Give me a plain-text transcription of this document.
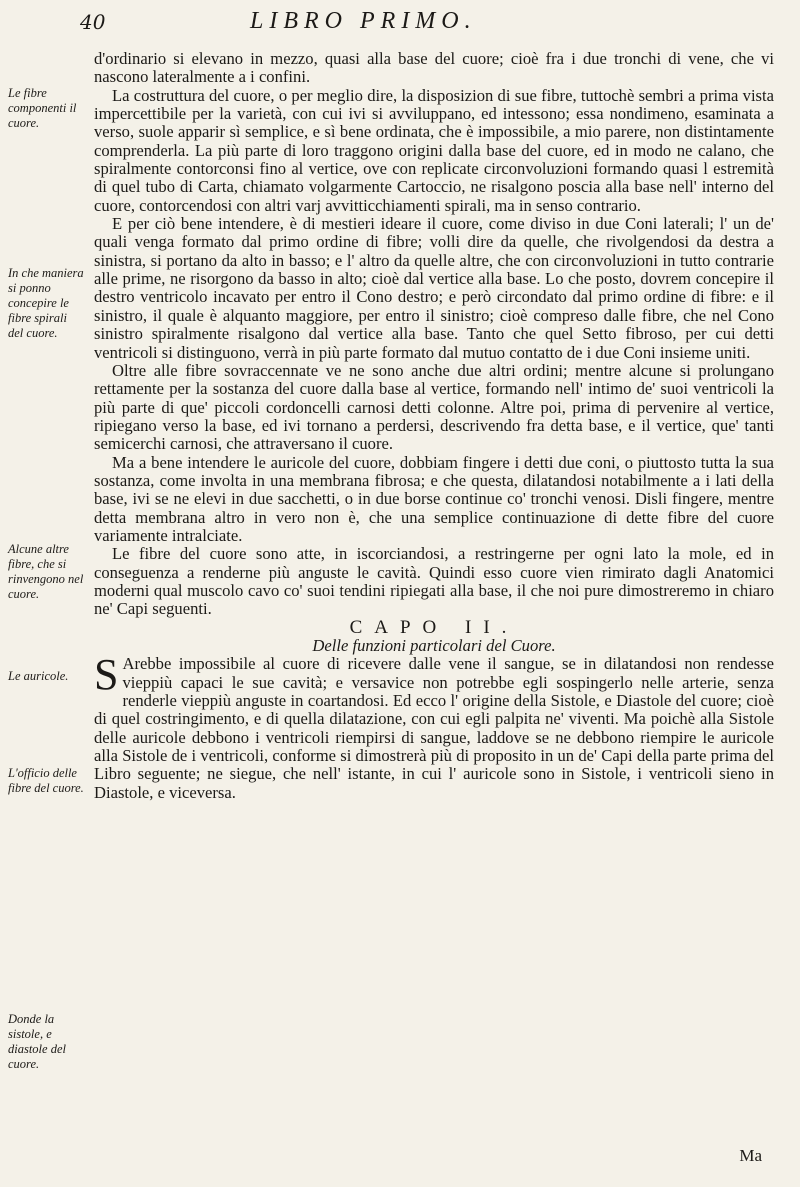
40	LIBRO PRIMO.
Le fibre componenti il cuore.
In che maniera si ponno concepire le fibre spirali del cuore.
Alcune altre fibre, che si rinvengono nel cuore.
Le auricole.
L'officio delle fibre del cuore.
Donde la sistole, e diastole del cuore.

d'ordinario si elevano in mezzo, quasi alla base del cuore; cioè fra i due tronchi di vene, che vi nascono lateralmente a i confini.

La costruttura del cuore, o per meglio dire, la disposizion di sue fibre, tuttochè sembri a prima vista impercettibile per la varietà, con cui ivi si avviluppano, ed intessono; essa nondimeno, esaminata a verso, suole apparir sì semplice, e sì bene ordinata, che è impossibile, a mio parere, non distintamente comprenderla. La più parte di loro traggono origini dalla base del cuore, ed in modo ne calano, che spiralmente contorconsi fino al vertice, ove con replicate circonvoluzioni formando quasi l estremità di quel tubo di Carta, chiamato volgarmente Cartoccio, ne risalgono poscia alla base nell' interno del cuore, contorcendosi con altri varj avvitticchiamenti spirali, ma in senso contrario.

E per ciò bene intendere, è di mestieri ideare il cuore, come diviso in due Coni laterali; l' un de' quali venga formato dal primo ordine di fibre; volli dire da quelle, che rivolgendosi da destra a sinistra, si portano da alto in basso; e l' altro da quelle altre, che con circonvoluzioni in tutto contrarie alle prime, ne risorgono da basso in alto; cioè dal vertice alla base. Lo che posto, dovrem concepire il destro ventricolo incavato per entro il Cono destro; e però circondato dal primo ordine di fibre: e il sinistro, il quale è alquanto maggiore, per entro il sinistro; cioè compreso dalle fibre, che nel Cono sinistro spiralmente risalgono dal vertice alla base. Tanto che quel Setto fibroso, per cui detti ventricoli si distinguono, verrà in più parte formato dal mutuo contatto de i due Coni insieme uniti.

Oltre alle fibre sovraccennate ve ne sono anche due altri ordini; mentre alcune si prolungano rettamente per la sostanza del cuore dalla base al vertice, formando nell' intimo de' suoi ventricoli la più parte di que' piccoli cordoncelli carnosi detti colonne. Altre poi, prima di pervenire al vertice, ripiegano verso la base, ed ivi tornano a perdersi, descrivendo fra detta base, e il vertice, que' tanti semicerchi carnosi, che attraversano il cuore.

Ma a bene intendere le auricole del cuore, dobbiam fingere i detti due coni, o piuttosto tutta la sua sostanza, come involta in una membrana fibrosa; e che questa, dilatandosi notabilmente a i lati della base, ivi se ne elevi in due sacchetti, o in due borse continue co' tronchi venosi. Disli fingere, mentre detta membrana altro in vero non è, che una semplice continuazione di dette fibre del cuore variamente intralciate.

Le fibre del cuore sono atte, in iscorciandosi, a restringerne per ogni lato la mole, ed in conseguenza a renderne più anguste le cavità. Quindi esso cuore vien rimirato dagli Anatomici moderni qual muscolo cavo co' suoi tendini ripiegati alla base, il che noi pure dimostreremo in chiaro ne' Capi seguenti.

CAPO II.

Delle funzioni particolari del Cuore.

S Arebbe impossibile al cuore di ricevere dalle vene il sangue, se in dilatandosi non rendesse vieppiù capaci le sue cavità; e versavice non potrebbe egli sospingerlo nelle arterie, senza renderle vieppiù anguste in coartandosi. Ed ecco l' origine della Sistole, e Diastole del cuore; cioè di quel costringimento, e di quella dilatazione, con cui egli palpita ne' viventi. Ma poichè alla Sistole delle auricole debbono i ventricoli riempirsi di sangue, laddove se ne debbono riempire le auricole alla Sistole de i ventricoli, conforme si dimostrerà più di proposito in un de' Capi della parte prima del Libro seguente; ne siegue, che nell' istante, in cui l' auricole sono in Sistole, i ventricoli sieno in Diastole, e viceversa.

Ma
